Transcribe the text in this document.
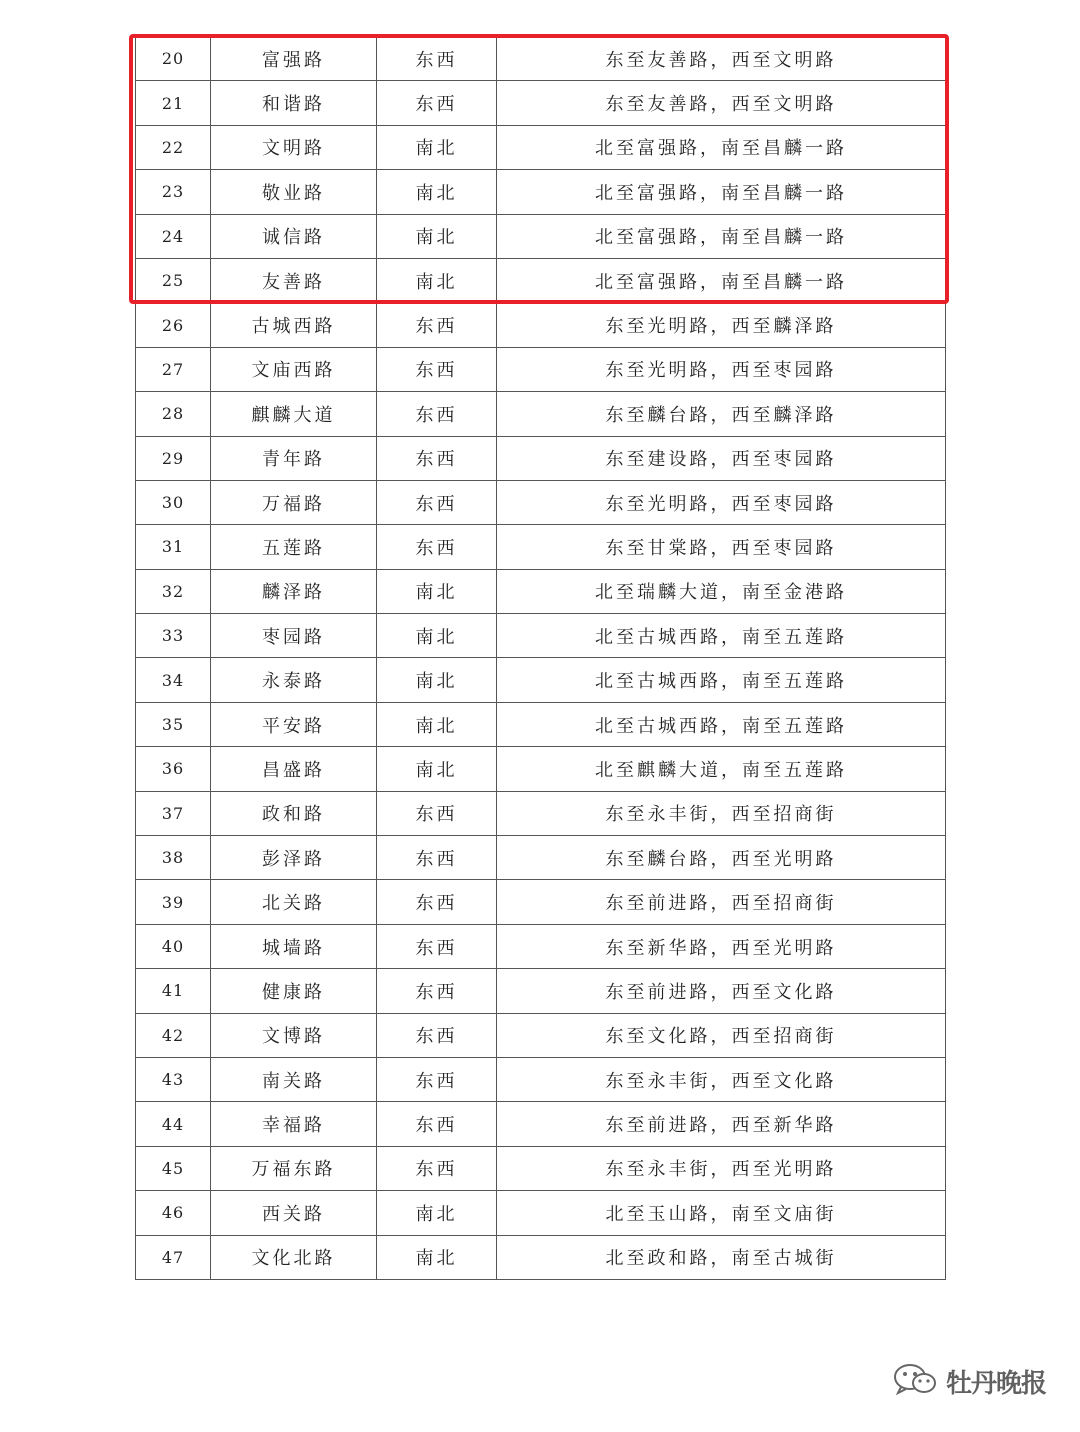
20	富强路	东西	东至友善路，西至文明路
21	和谐路	东西	东至友善路，西至文明路
22	文明路	南北	北至富强路，南至昌麟一路
23	敬业路	南北	北至富强路，南至昌麟一路
24	诚信路	南北	北至富强路，南至昌麟一路
25	友善路	南北	北至富强路，南至昌麟一路
26	古城西路	东西	东至光明路，西至麟泽路
27	文庙西路	东西	东至光明路，西至枣园路
28	麒麟大道	东西	东至麟台路，西至麟泽路
29	青年路	东西	东至建设路，西至枣园路
30	万福路	东西	东至光明路，西至枣园路
31	五莲路	东西	东至甘棠路，西至枣园路
32	麟泽路	南北	北至瑞麟大道，南至金港路
33	枣园路	南北	北至古城西路，南至五莲路
34	永泰路	南北	北至古城西路，南至五莲路
35	平安路	南北	北至古城西路，南至五莲路
36	昌盛路	南北	北至麒麟大道，南至五莲路
37	政和路	东西	东至永丰街，西至招商街
38	彭泽路	东西	东至麟台路，西至光明路
39	北关路	东西	东至前进路，西至招商街
40	城墙路	东西	东至新华路，西至光明路
41	健康路	东西	东至前进路，西至文化路
42	文博路	东西	东至文化路，西至招商街
43	南关路	东西	东至永丰街，西至文化路
44	幸福路	东西	东至前进路，西至新华路
45	万福东路	东西	东至永丰街，西至光明路
46	西关路	南北	北至玉山路，南至文庙街
47	文化北路	南北	北至政和路，南至古城街
牡丹晚报
